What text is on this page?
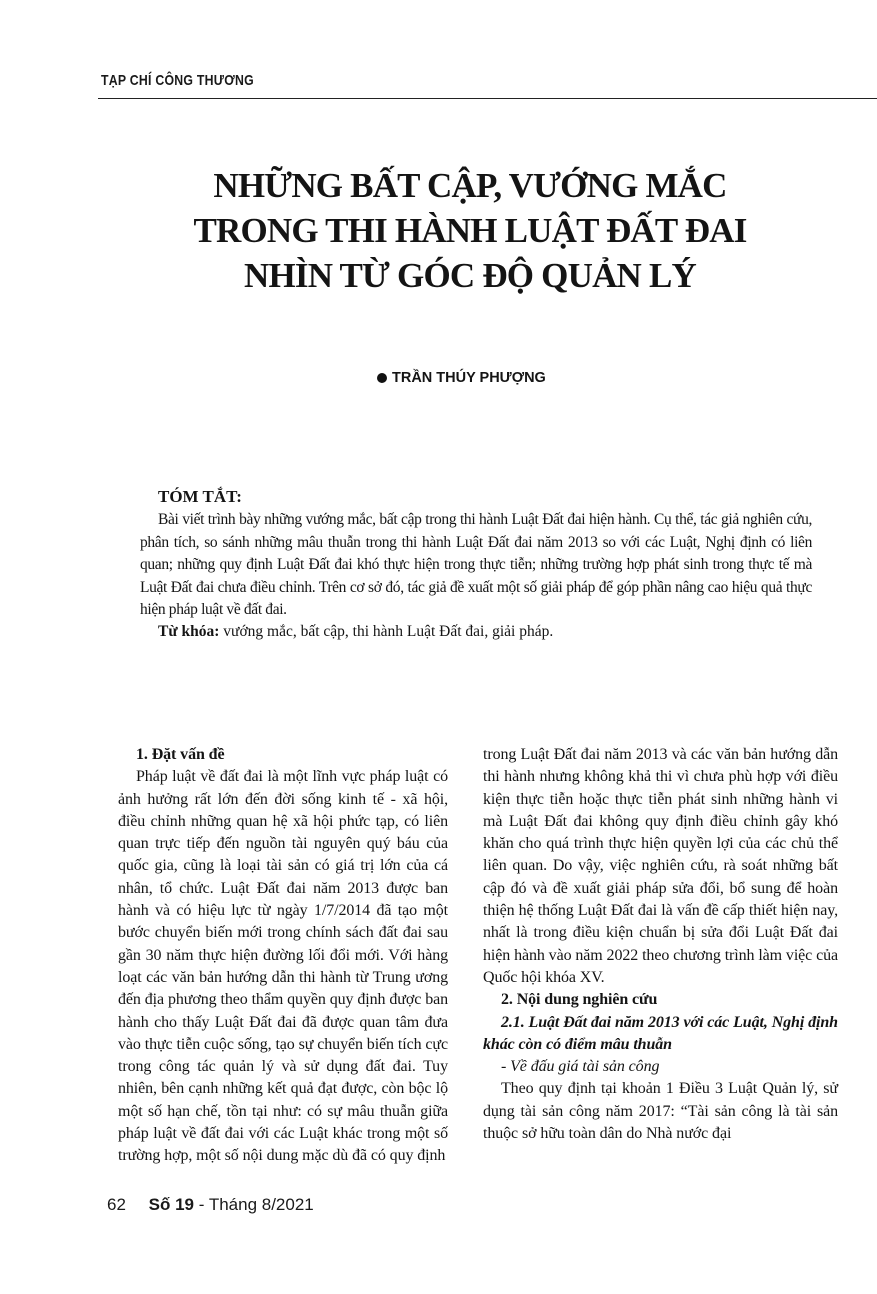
TẠP CHÍ CÔNG THƯƠNG
NHỮNG BẤT CẬP, VƯỚNG MẮC
TRONG THI HÀNH LUẬT ĐẤT ĐAI
NHÌN TỪ GÓC ĐỘ QUẢN LÝ
TRẦN THÚY PHƯỢNG
TÓM TẮT:

Bài viết trình bày những vướng mắc, bất cập trong thi hành Luật Đất đai hiện hành. Cụ thể, tác giả nghiên cứu, phân tích, so sánh những mâu thuẫn trong thi hành Luật Đất đai năm 2013 so với các Luật, Nghị định có liên quan; những quy định Luật Đất đai khó thực hiện trong thực tiễn; những trường hợp phát sinh trong thực tế mà Luật Đất đai chưa điều chỉnh. Trên cơ sở đó, tác giả đề xuất một số giải pháp để góp phần nâng cao hiệu quả thực hiện pháp luật về đất đai.

Từ khóa: vướng mắc, bất cập, thi hành Luật Đất đai, giải pháp.

1. Đặt vấn đề

Pháp luật về đất đai là một lĩnh vực pháp luật có ảnh hưởng rất lớn đến đời sống kinh tế - xã hội, điều chỉnh những quan hệ xã hội phức tạp, có liên quan trực tiếp đến nguồn tài nguyên quý báu của quốc gia, cũng là loại tài sản có giá trị lớn của cá nhân, tổ chức. Luật Đất đai năm 2013 được ban hành và có hiệu lực từ ngày 1/7/2014 đã tạo một bước chuyển biến mới trong chính sách đất đai sau gần 30 năm thực hiện đường lối đổi mới. Với hàng loạt các văn bản hướng dẫn thi hành từ Trung ương đến địa phương theo thẩm quyền quy định được ban hành cho thấy Luật Đất đai đã được quan tâm đưa vào thực tiễn cuộc sống, tạo sự chuyển biến tích cực trong công tác quản lý và sử dụng đất đai. Tuy nhiên, bên cạnh những kết quả đạt được, còn bộc lộ một số hạn chế, tồn tại như: có sự mâu thuẫn giữa pháp luật về đất đai với các Luật khác trong một số trường hợp, một số nội dung mặc dù đã có quy định

trong Luật Đất đai năm 2013 và các văn bản hướng dẫn thi hành nhưng không khả thi vì chưa phù hợp với điều kiện thực tiễn hoặc thực tiễn phát sinh những hành vi mà Luật Đất đai không quy định điều chỉnh gây khó khăn cho quá trình thực hiện quyền lợi của các chủ thể liên quan. Do vậy, việc nghiên cứu, rà soát những bất cập đó và đề xuất giải pháp sửa đổi, bổ sung để hoàn thiện hệ thống Luật Đất đai là vấn đề cấp thiết hiện nay, nhất là trong điều kiện chuẩn bị sửa đổi Luật Đất đai hiện hành vào năm 2022 theo chương trình làm việc của Quốc hội khóa XV.

2. Nội dung nghiên cứu

2.1. Luật Đất đai năm 2013 với các Luật, Nghị định khác còn có điểm mâu thuẫn

- Về đấu giá tài sản công

Theo quy định tại khoản 1 Điều 3 Luật Quản lý, sử dụng tài sản công năm 2017: “Tài sản công là tài sản thuộc sở hữu toàn dân do Nhà nước đại

62 Số 19 - Tháng 8/2021
